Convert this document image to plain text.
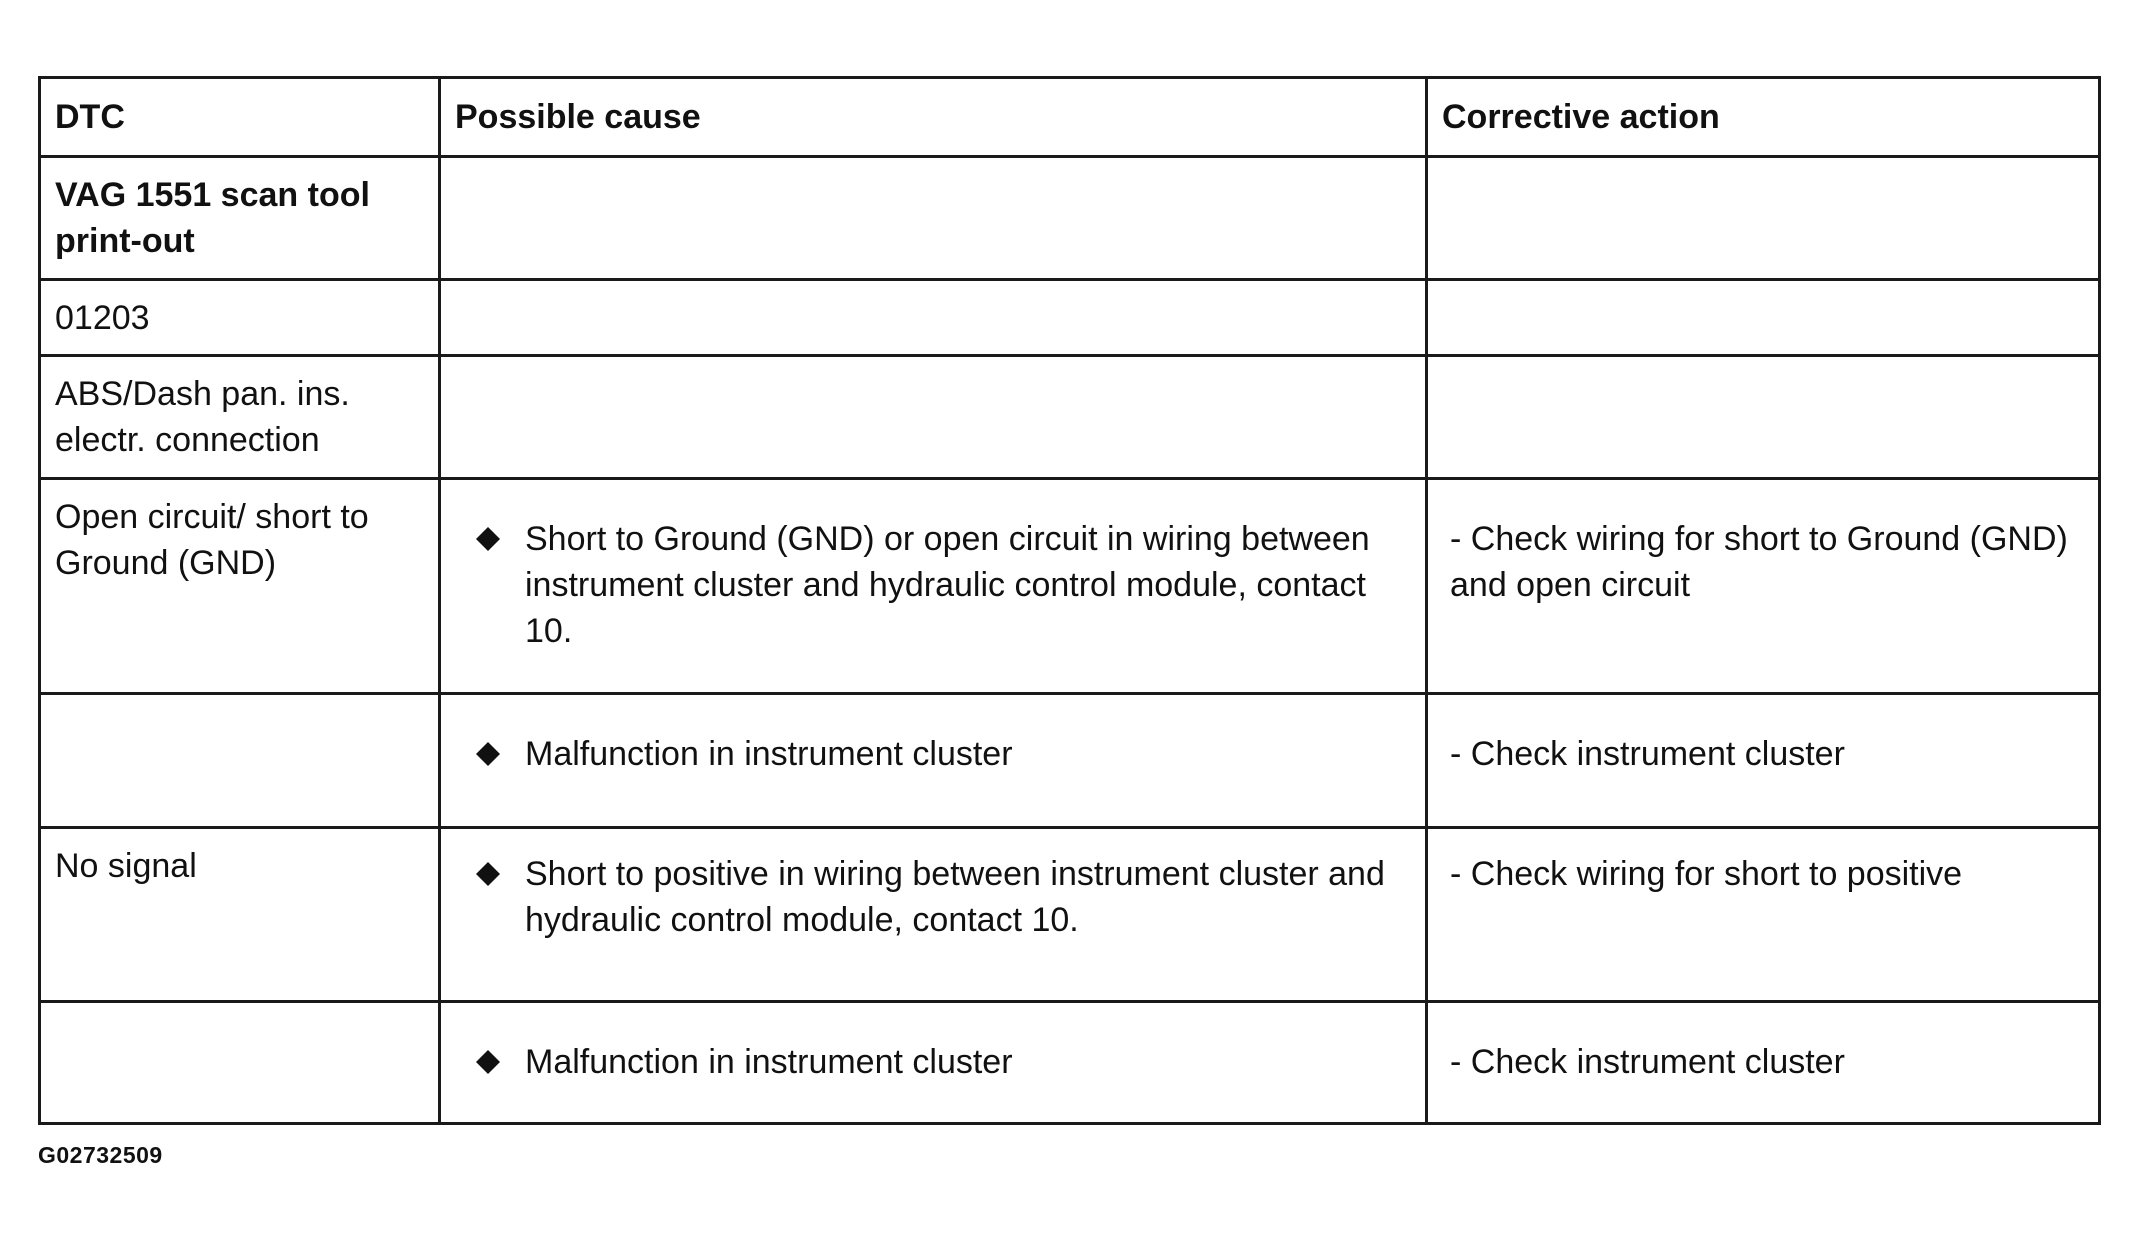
DTC	Possible cause	Corrective action

VAG 1551 scan tool print-out		

01203		

ABS/Dash pan. ins. electr. connection		

Open circuit/ short to Ground (GND)	Short to Ground (GND) or open circuit in wiring between instrument cluster and hydraulic control module, contact 10.	- Check wiring for short to Ground (GND) and open circuit

	Malfunction in instrument cluster	- Check instrument cluster

No signal	Short to positive in wiring between instrument cluster and hydraulic control module, contact 10.	- Check wiring for short to positive

	Malfunction in instrument cluster	- Check instrument cluster
G02732509
